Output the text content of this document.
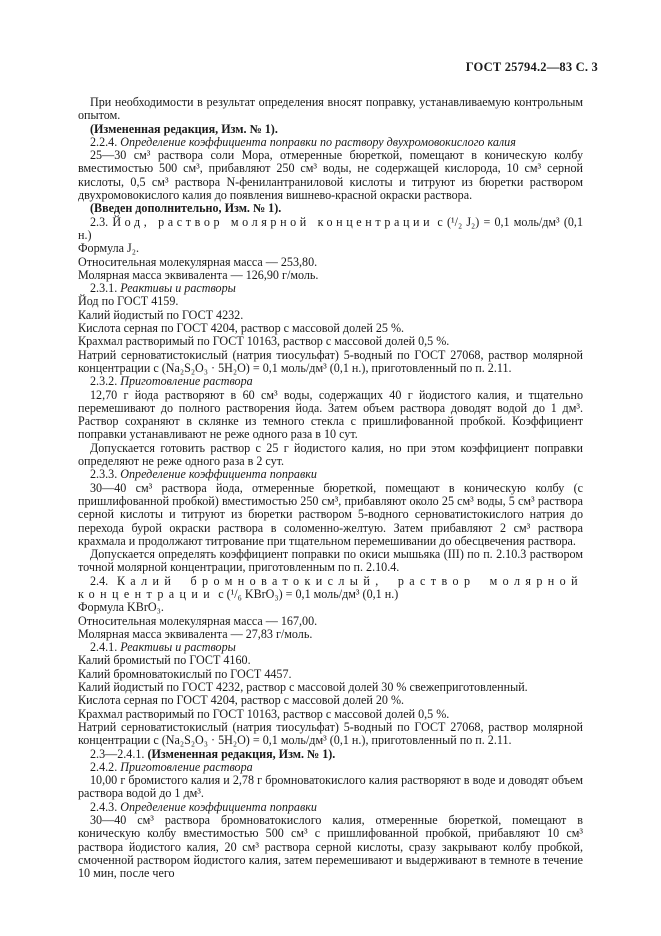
ГОСТ 25794.2—83 С. 3

При необходимости в результат определения вносят поправку, устанавливаемую контрольным опытом.

(Измененная редакция, Изм. № 1).

2.2.4. Определение коэффициента поправки по раствору двухромовокислого калия

25—30 см³ раствора соли Мора, отмеренные бюреткой, помещают в коническую колбу вместимостью 500 см³, прибавляют 250 см³ воды, не содержащей кислорода, 10 см³ серной кислоты, 0,5 см³ раствора N-фенилантраниловой кислоты и титруют из бюретки раствором двухромовокислого калия до появления вишнево-красной окраски раствора.

(Введен дополнительно, Изм. № 1).

2.3. Йод, раствор молярной концентрации c (¹/₂ J₂) = 0,1 моль/дм³ (0,1 н.)

Формула J₂.

Относительная молекулярная масса — 253,80.

Молярная масса эквивалента — 126,90 г/моль.

2.3.1. Реактивы и растворы

Йод по ГОСТ 4159.

Калий йодистый по ГОСТ 4232.

Кислота серная по ГОСТ 4204, раствор с массовой долей 25 %.

Крахмал растворимый по ГОСТ 10163, раствор с массовой долей 0,5 %.

Натрий серноватистокислый (натрия тиосульфат) 5-водный по ГОСТ 27068, раствор молярной концентрации c (Na₂S₂O₃ · 5H₂O) = 0,1 моль/дм³ (0,1 н.), приготовленный по п. 2.11.

2.3.2. Приготовление раствора

12,70 г йода растворяют в 60 см³ воды, содержащих 40 г йодистого калия, и тщательно перемешивают до полного растворения йода. Затем объем раствора доводят водой до 1 дм³. Раствор сохраняют в склянке из темного стекла с пришлифованной пробкой. Коэффициент поправки устанавливают не реже одного раза в 10 сут.

Допускается готовить раствор с 25 г йодистого калия, но при этом коэффициент поправки определяют не реже одного раза в 2 сут.

2.3.3. Определение коэффициента поправки

30—40 см³ раствора йода, отмеренные бюреткой, помещают в коническую колбу (с пришлифованной пробкой) вместимостью 250 см³, прибавляют около 25 см³ воды, 5 см³ раствора серной кислоты и титруют из бюретки раствором 5-водного серноватистокислого натрия до перехода бурой окраски раствора в соломенно-желтую. Затем прибавляют 2 см³ раствора крахмала и продолжают титрование при тщательном перемешивании до обесцвечения раствора.

Допускается определять коэффициент поправки по окиси мышьяка (III) по п. 2.10.3 раствором точной молярной концентрации, приготовленным по п. 2.10.4.

2.4. Калий бромноватокислый, раствор молярной концентрации c (¹/₆ KBrO₃) = 0,1 моль/дм³ (0,1 н.)

Формула KBrO₃.

Относительная молекулярная масса — 167,00.

Молярная масса эквивалента — 27,83 г/моль.

2.4.1. Реактивы и растворы

Калий бромистый по ГОСТ 4160.

Калий бромноватокислый по ГОСТ 4457.

Калий йодистый по ГОСТ 4232, раствор с массовой долей 30 % свежеприготовленный.

Кислота серная по ГОСТ 4204, раствор с массовой долей 20 %.

Крахмал растворимый по ГОСТ 10163, раствор с массовой долей 0,5 %.

Натрий серноватистокислый (натрия тиосульфат) 5-водный по ГОСТ 27068, раствор молярной концентрации c (Na₂S₂O₃ · 5H₂O) = 0,1 моль/дм³ (0,1 н.), приготовленный по п. 2.11.

2.3—2.4.1. (Измененная редакция, Изм. № 1).

2.4.2. Приготовление раствора

10,00 г бромистого калия и 2,78 г бромноватокислого калия растворяют в воде и доводят объем раствора водой до 1 дм³.

2.4.3. Определение коэффициента поправки

30—40 см³ раствора бромноватокислого калия, отмеренные бюреткой, помещают в коническую колбу вместимостью 500 см³ с пришлифованной пробкой, прибавляют 10 см³ раствора йодистого калия, 20 см³ раствора серной кислоты, сразу закрывают колбу пробкой, смоченной раствором йодистого калия, затем перемешивают и выдерживают в темноте в течение 10 мин, после чего
